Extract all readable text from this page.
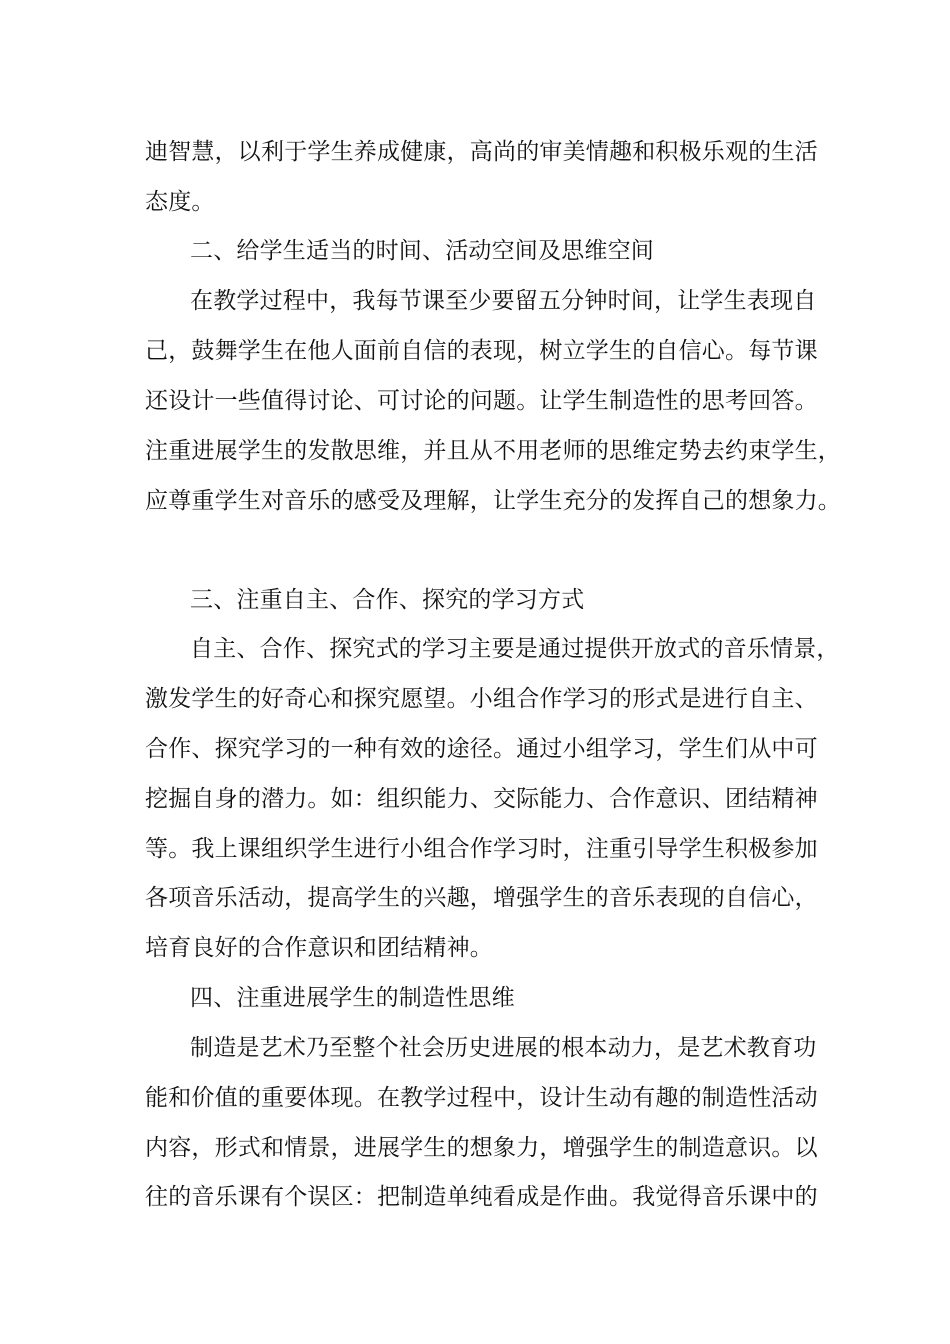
迪智慧，以利于学生养成健康，高尚的审美情趣和积极乐观的生活
态度。
二、给学生适当的时间、活动空间及思维空间
在教学过程中，我每节课至少要留五分钟时间，让学生表现自
己，鼓舞学生在他人面前自信的表现，树立学生的自信心。每节课
还设计一些值得讨论、可讨论的问题。让学生制造性的思考回答。
注重进展学生的发散思维，并且从不用老师的思维定势去约束学生，
应尊重学生对音乐的感受及理解，让学生充分的发挥自己的想象力。
三、注重自主、合作、探究的学习方式
自主、合作、探究式的学习主要是通过提供开放式的音乐情景，
激发学生的好奇心和探究愿望。小组合作学习的形式是进行自主、
合作、探究学习的一种有效的途径。通过小组学习，学生们从中可
挖掘自身的潜力。如：组织能力、交际能力、合作意识、团结精神
等。我上课组织学生进行小组合作学习时，注重引导学生积极参加
各项音乐活动，提高学生的兴趣，增强学生的音乐表现的自信心，
培育良好的合作意识和团结精神。
四、注重进展学生的制造性思维
制造是艺术乃至整个社会历史进展的根本动力，是艺术教育功
能和价值的重要体现。在教学过程中，设计生动有趣的制造性活动
内容，形式和情景，进展学生的想象力，增强学生的制造意识。以
往的音乐课有个误区：把制造单纯看成是作曲。我觉得音乐课中的
